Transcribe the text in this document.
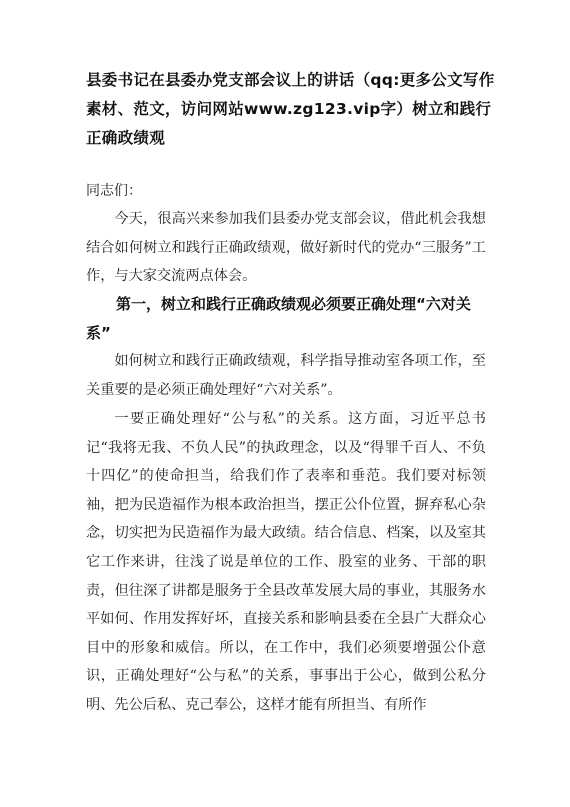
县委书记在县委办党支部会议上的讲话（qq:更多公文写作素材、范文，访问网站www.zg123.vip字）树立和践行正确政绩观
同志们：

今天，很高兴来参加我们县委办党支部会议，借此机会我想结合如何树立和践行正确政绩观，做好新时代的党办“三服务”工作，与大家交流两点体会。

第一，树立和践行正确政绩观必须要正确处理“六对关系”

如何树立和践行正确政绩观，科学指导推动室各项工作，至关重要的是必须正确处理好“六对关系”。

一要正确处理好“公与私”的关系。这方面，习近平总书记“我将无我、不负人民”的执政理念，以及“得罪千百人、不负十四亿”的使命担当，给我们作了表率和垂范。我们要对标领袖，把为民造福作为根本政治担当，摆正公仆位置，摒弃私心杂念，切实把为民造福作为最大政绩。结合信息、档案，以及室其它工作来讲，往浅了说是单位的工作、股室的业务、干部的职责，但往深了讲都是服务于全县改革发展大局的事业，其服务水平如何、作用发挥好坏，直接关系和影响县委在全县广大群众心目中的形象和威信。所以，在工作中，我们必须要增强公仆意识，正确处理好“公与私”的关系，事事出于公心，做到公私分明、先公后私、克己奉公，这样才能有所担当、有所作
